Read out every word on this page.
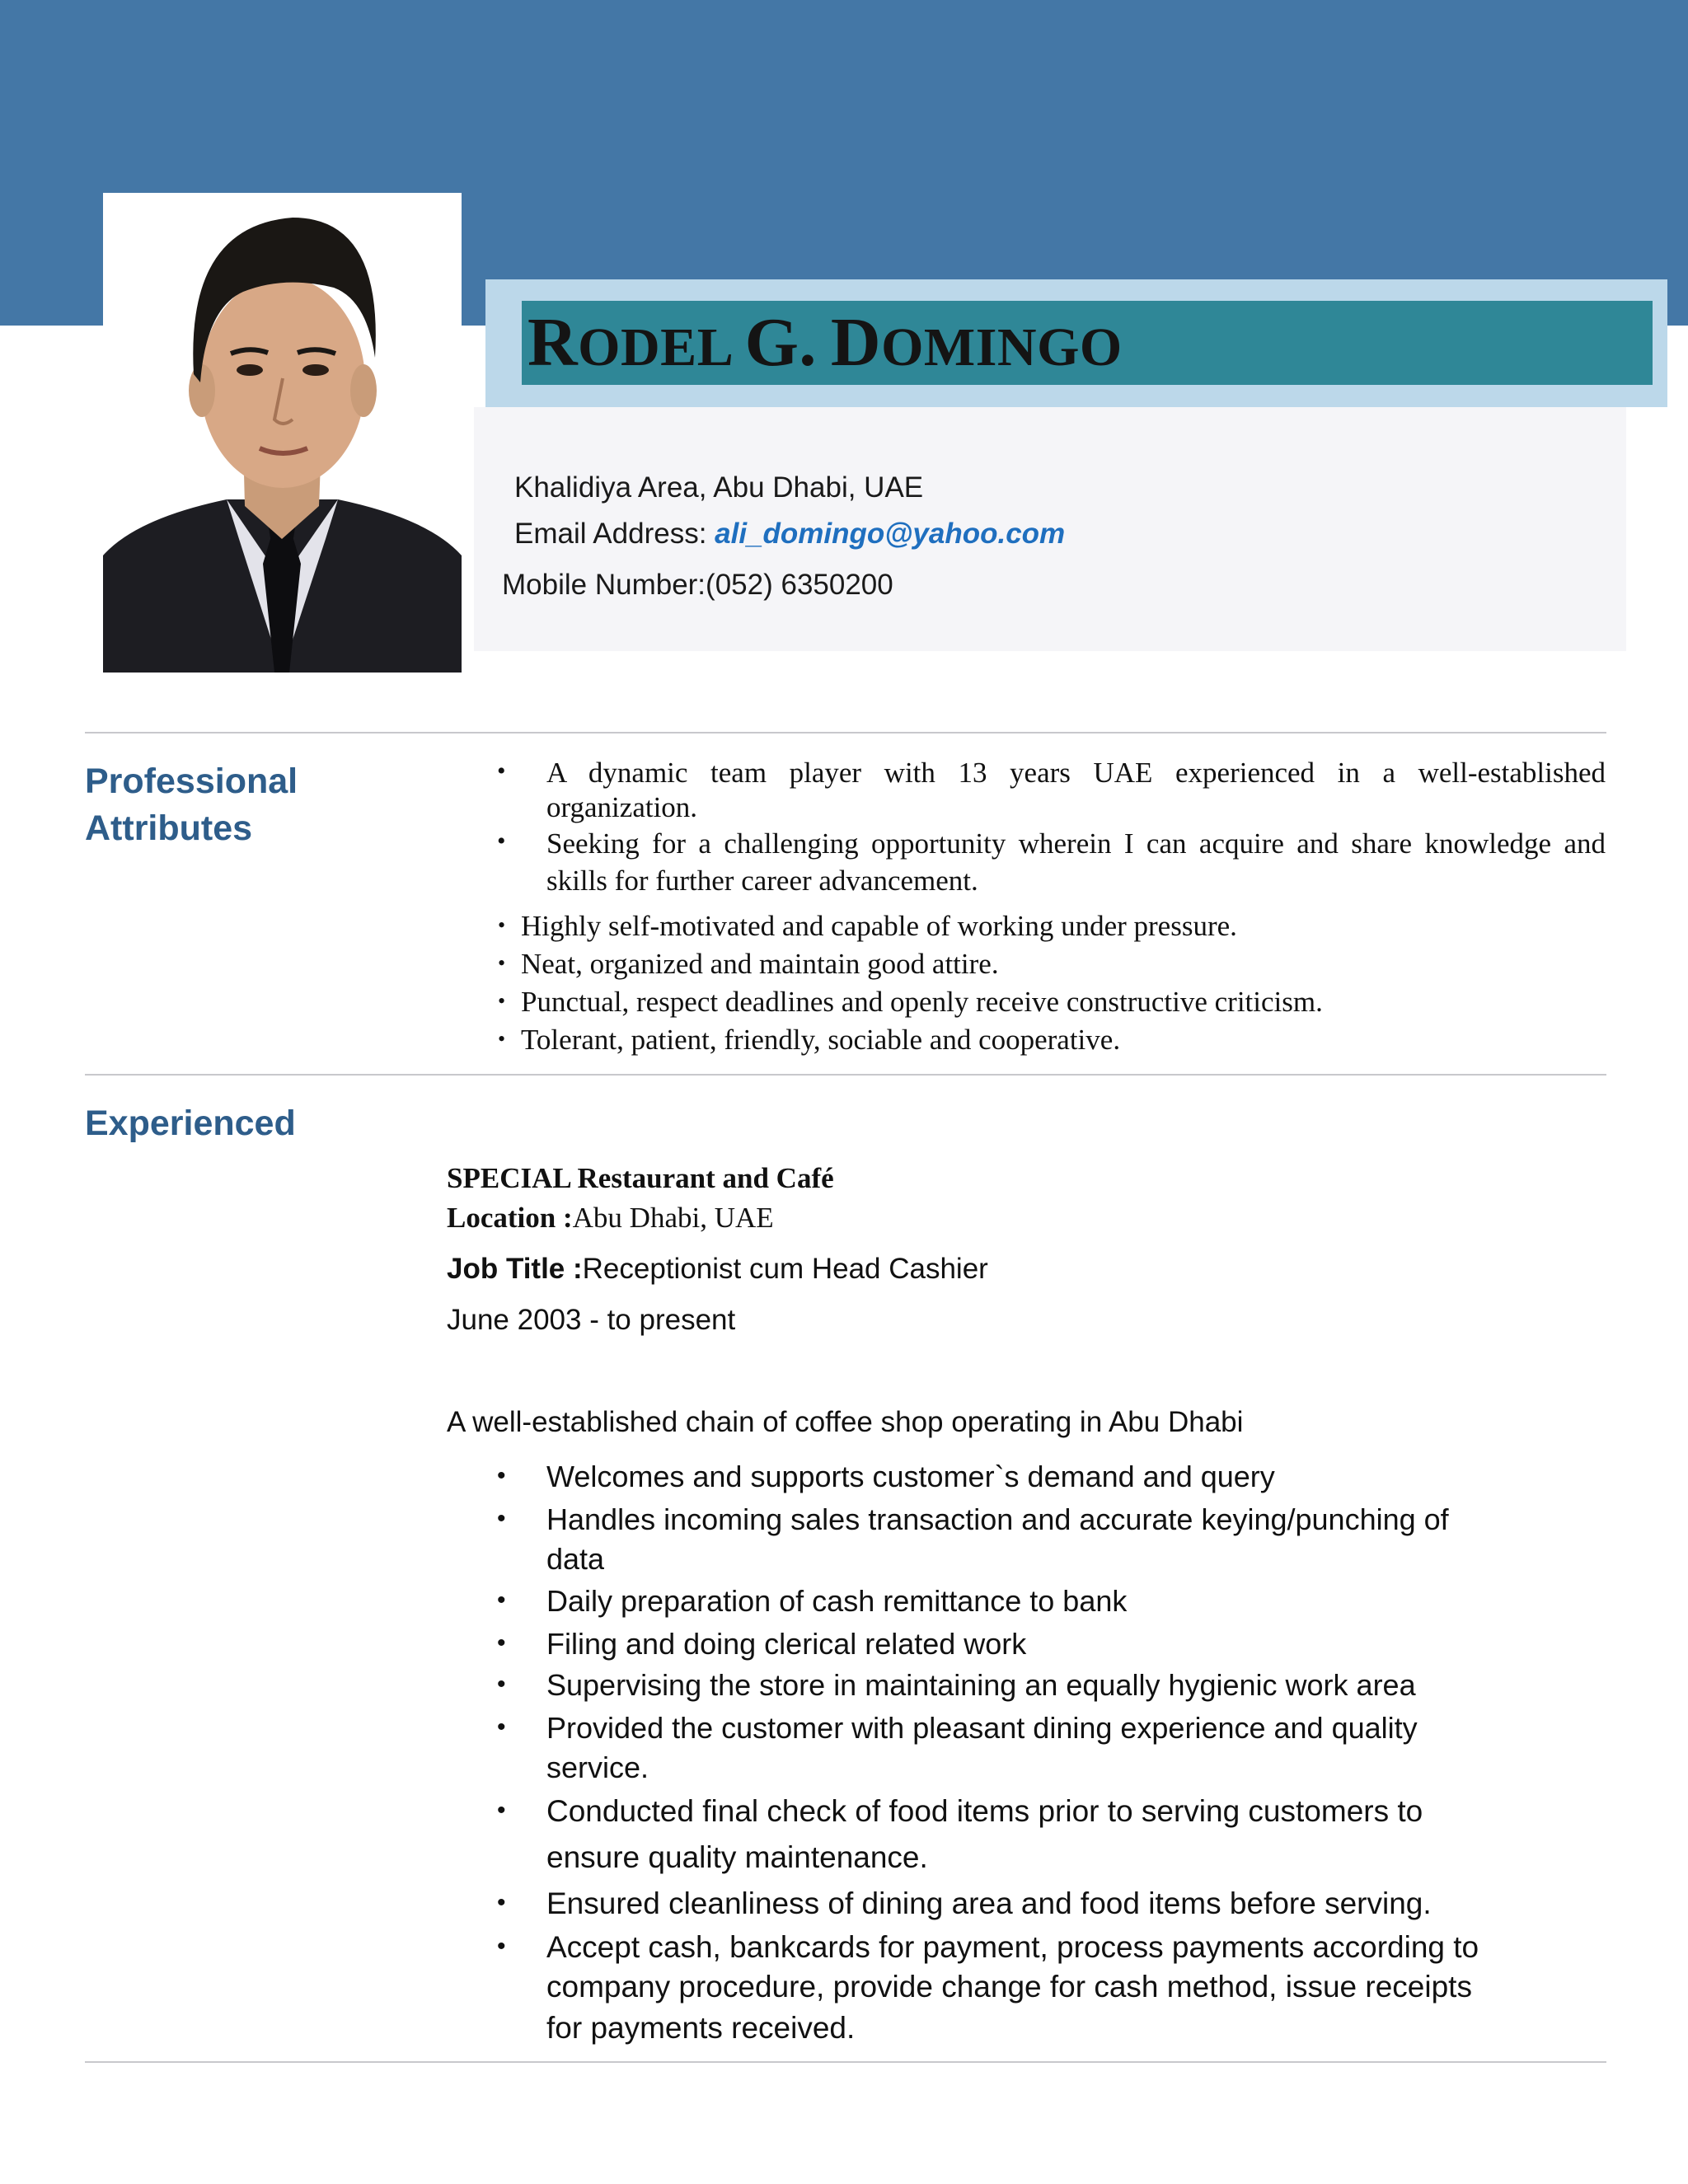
RODEL G. DOMINGO
Khalidiya Area, Abu Dhabi, UAE
Email Address: ali_domingo@yahoo.com
Mobile Number:(052) 6350200
Professional
Attributes
• A dynamic team player with 13 years UAE experienced in a well-established
organization.
• Seeking for a challenging opportunity wherein I can acquire and share knowledge and
skills for further career advancement.
• Highly self-motivated and capable of working under pressure.
• Neat, organized and maintain good attire.
• Punctual, respect deadlines and openly receive constructive criticism.
• Tolerant, patient, friendly, sociable and cooperative.
Experienced
SPECIAL Restaurant and Café
Location :Abu Dhabi, UAE
Job Title :Receptionist cum Head Cashier
June 2003 - to present
A well-established chain of coffee shop operating in Abu Dhabi
• Welcomes and supports customer`s demand and query
• Handles incoming sales transaction and accurate keying/punching of
data
• Daily preparation of cash remittance to bank
• Filing and doing clerical related work
• Supervising the store in maintaining an equally hygienic work area
• Provided the customer with pleasant dining experience and quality
service.
• Conducted final check of food items prior to serving customers to
ensure quality maintenance.
• Ensured cleanliness of dining area and food items before serving.
• Accept cash, bankcards for payment, process payments according to
company procedure, provide change for cash method, issue receipts
for payments received.
